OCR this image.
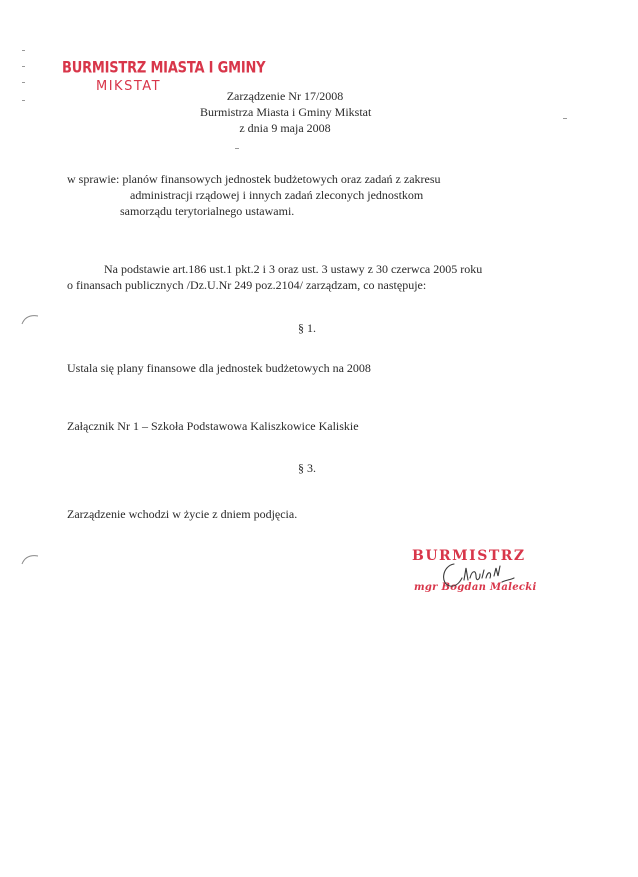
BURMISTRZ MIASTA I GMINY
MIKSTAT
Zarządzenie Nr 17/2008
Burmistrza Miasta i Gminy Mikstat
z dnia 9 maja 2008
w sprawie: planów finansowych jednostek budżetowych oraz zadań z zakresu
administracji rządowej i innych zadań zleconych jednostkom
samorządu terytorialnego ustawami.
Na podstawie art.186 ust.1 pkt.2 i 3 oraz ust. 3 ustawy z 30 czerwca 2005 roku
o finansach publicznych /Dz.U.Nr 249 poz.2104/ zarządzam, co następuje:
§ 1.
Ustala się plany finansowe dla jednostek budżetowych na 2008
Załącznik Nr 1 – Szkoła Podstawowa Kaliszkowice Kaliskie
§ 3.
Zarządzenie wchodzi w życie z dniem podjęcia.
BURMISTRZ
mgr Bogdan Malecki
